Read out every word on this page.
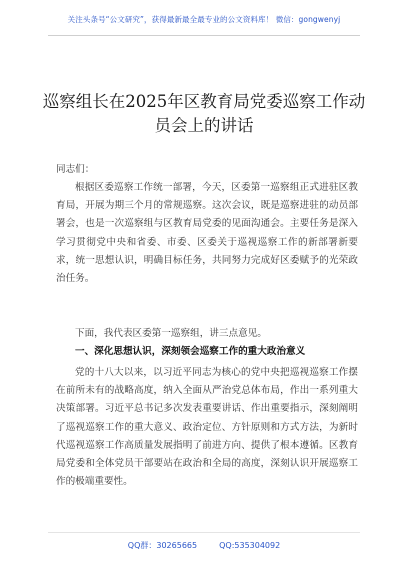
关注头条号“公文研究”，获得最新最全最专业的公文资料库！ 微信：gongwenyj
巡察组长在2025年区教育局党委巡察工作动员会上的讲话
同志们：
根据区委巡察工作统一部署，今天，区委第一巡察组正式进驻区教育局，开展为期三个月的常规巡察。这次会议，既是巡察进驻的动员部署会，也是一次巡察组与区教育局党委的见面沟通会。主要任务是深入学习贯彻党中央和省委、市委、区委关于巡视巡察工作的新部署新要求，统一思想认识，明确目标任务，共同努力完成好区委赋予的光荣政治任务。
下面，我代表区委第一巡察组，讲三点意见。
一、深化思想认识，深刻领会巡察工作的重大政治意义
党的十八大以来，以习近平同志为核心的党中央把巡视巡察工作摆在前所未有的战略高度，纳入全面从严治党总体布局，作出一系列重大决策部署。习近平总书记多次发表重要讲话、作出重要指示，深刻阐明了巡视巡察工作的重大意义、政治定位、方针原则和方式方法，为新时代巡视巡察工作高质量发展指明了前进方向、提供了根本遵循。区教育局党委和全体党员干部要站在政治和全局的高度，深刻认识开展巡察工作的极端重要性。
QQ群：30265665	QQ:535304092
